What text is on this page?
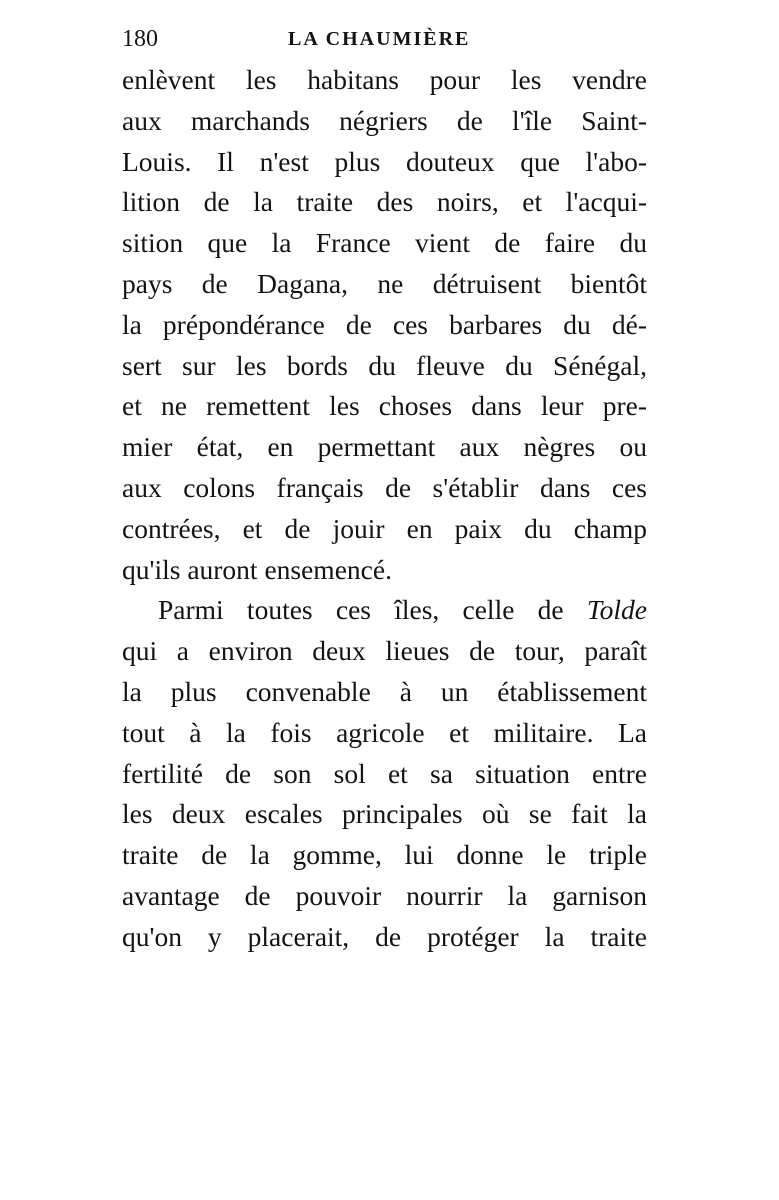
180	LA CHAUMIÈRE
enlèvent les habitans pour les vendre
aux marchands négriers de l'île Saint-
Louis. Il n'est plus douteux que l'abo-
lition de la traite des noirs, et l'acqui-
sition que la France vient de faire du
pays de Dagana, ne détruisent bientôt
la prépondérance de ces barbares du dé-
sert sur les bords du fleuve du Sénégal,
et ne remettent les choses dans leur pre-
mier état, en permettant aux nègres ou
aux colons français de s'établir dans ces
contrées, et de jouir en paix du champ
qu'ils auront ensemencé.
Parmi toutes ces îles, celle de Tolde
qui a environ deux lieues de tour, paraît
la plus convenable à un établissement
tout à la fois agricole et militaire. La
fertilité de son sol et sa situation entre
les deux escales principales où se fait la
traite de la gomme, lui donne le triple
avantage de pouvoir nourrir la garnison
qu'on y placerait, de protéger la traite
